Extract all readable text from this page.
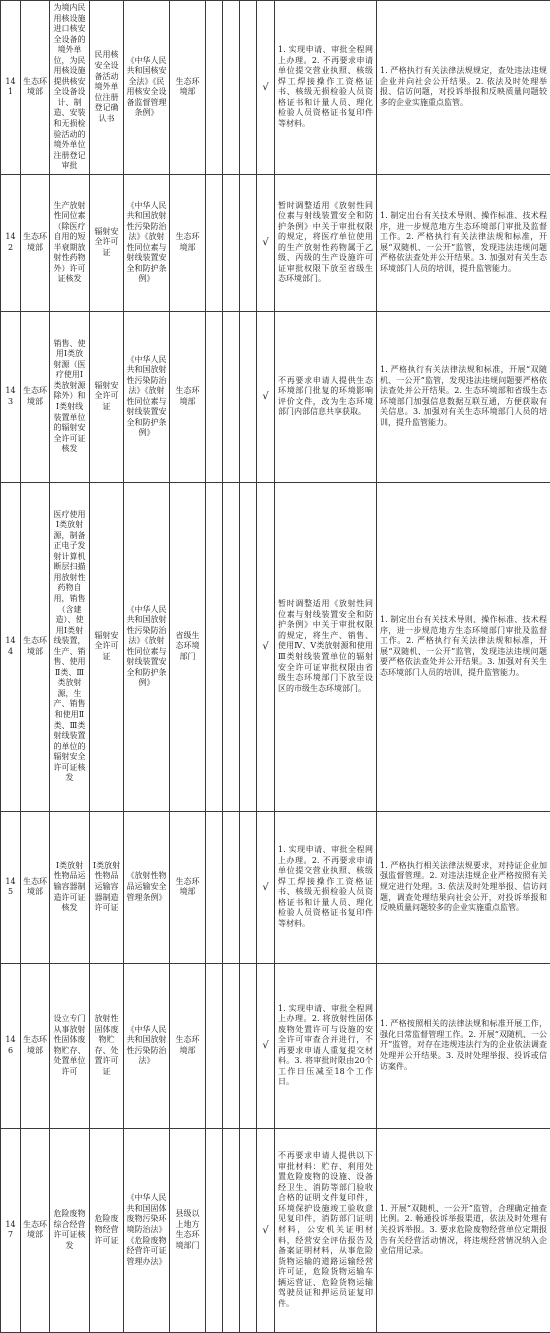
141	生态环境部	为境内民用核设施进口核安全设备的境外单位，为民用核设施提供核安全设备设计、制造、安装和无损检验活动的境外单位注册登记审批	民用核安全设备活动境外单位注册登记确认书	《中华人民共和国核安全法》《民用核安全设备监督管理条例》	生态环境部				√	1. 实现申请、审批全程网上办理。2. 不再要求申请单位提交营业执照、核级焊工焊接操作工资格证书、核级无损检验人员资格证书和计量人员、理化检验人员资格证书复印件等材料。	1. 严格执行有关法律法规规定，查处违法违规企业并向社会公开结果。2. 依法及时处理举报、信访问题，对投诉举报和反映质量问题较多的企业实施重点监管。
142	生态环境部	生产放射性同位素（除医疗自用的短半衰期放射性药物外）许可证核发	辐射安全许可证	《中华人民共和国放射性污染防治法》《放射性同位素与射线装置安全和防护条例》	生态环境部				√	暂时调整适用《放射性同位素与射线装置安全和防护条例》中关于审批权限的规定，将医疗单位使用的生产放射性药物属于乙级、丙级的生产设施许可证审批权限下放至省级生态环境部门。	1. 制定出台有关技术导则、操作标准、技术程序，进一步规范地方生态环境部门审批及监督工作。2. 严格执行有关法律法规和标准，开展“双随机、一公开”监管，发现违法违规问题严格依法查处并公开结果。3. 加强对有关生态环境部门人员的培训，提升监管能力。
143	生态环境部	销售、使用Ⅰ类放射源（医疗使用Ⅰ类放射源除外）和Ⅰ类射线装置单位的辐射安全许可证核发	辐射安全许可证	《中华人民共和国放射性污染防治法》《放射性同位素与射线装置安全和防护条例》	生态环境部				√	不再要求申请人提供生态环境部门批复的环境影响评价文件，改为生态环境部门内部信息共享获取。	1. 严格执行有关法律法规和标准，开展“双随机、一公开”监管，发现违法违规问题要严格依法查处并公开结果。2. 生态环境部和省级生态环境部门加强信息数据互联互通，方便获取有关信息。3. 加强对有关生态环境部门人员的培训，提升监管能力。
144	生态环境部	医疗使用Ⅰ类放射源，制备正电子发射计算机断层扫描用放射性药物自用，销售（含建造）、使用Ⅰ类射线装置，生产、销售、使用Ⅱ类、Ⅲ类放射源，生产、销售和使用Ⅱ类、Ⅲ类射线装置的单位的辐射安全许可证核发	辐射安全许可证	《中华人民共和国放射性污染防治法》《放射性同位素与射线装置安全和防护条例》	省级生态环境部门				√	暂时调整适用《放射性同位素与射线装置安全和防护条例》中关于审批权限的规定，将生产、销售、使用Ⅳ、Ⅴ类放射源和使用Ⅲ类射线装置单位的辐射安全许可证审批权限由省级生态环境部门下放至设区的市级生态环境部门。	1. 制定出台有关技术导则、操作标准、技术程序，进一步规范地方生态环境部门审批及监督工作。2. 严格执行有关法律法规和标准，开展“双随机、一公开”监管，发现违法违规问题要严格依法查处并公开结果。3. 加强对有关生态环境部门人员的培训，提升监管能力。
145	生态环境部	Ⅰ类放射性物品运输容器制造许可证核发	Ⅰ类放射性物品运输容器制造许可证	《放射性物品运输安全管理条例》	生态环境部				√	1. 实现申请、审批全程网上办理。2. 不再要求申请单位提交营业执照、核级焊工焊接操作工资格证书、核级无损检验人员资格证书和计量人员、理化检验人员资格证书复印件等材料。	1. 严格执行相关法律法规要求，对持证企业加强监督管理。2. 对违法违规企业严格按照有关规定进行处理。3. 依法及时处理举报、信访问题，调查处理结果向社会公开，对投诉举报和反映质量问题较多的企业实施重点监管。
146	生态环境部	设立专门从事放射性固体废物贮存、处置单位许可	放射性固体废物贮存、处置许可证	《中华人民共和国放射性污染防治法》	生态环境部				√	1. 实现申请、审批全程网上办理。2. 将放射性固体废物处置许可与设施的安全许可审查合并进行，不再要求申请人重复提交材料。3. 将审批时限由20个工作日压减至18个工作日。	1. 严格按照相关的法律法规和标准开展工作，强化日常监督管理工作。2. 开展“双随机、一公开”监管，对存在违规违法行为的企业依法调查处理并公开结果。3. 及时处理举报、投诉或信访案件。
147	生态环境部	危险废物综合经营许可证核发	危险废物经营许可证	《中华人民共和国固体废物污染环境防治法》《危险废物经营许可证管理办法》	县级以上地方生态环境部门				√	不再要求申请人提供以下审批材料：贮存、利用处置危险废物的设施、设备经卫生、消防等部门验收合格的证明文件复印件，环境保护设施竣工验收意见复印件，消防部门证明材料，公安机关证明材料，经营安全评估报告及备案证明材料，从事危险货物运输的道路运输经营许可证，危险货物运输车辆运营证、危险货物运输驾驶员证和押运员证复印件。	1. 开展“双随机、一公开”监管，合理确定抽查比例。2. 畅通投诉举报渠道，依法及时处理有关投诉举报。3. 要求危险废物经营单位定期报告有关经营活动情况，将违规经营情况纳入企业信用记录。
